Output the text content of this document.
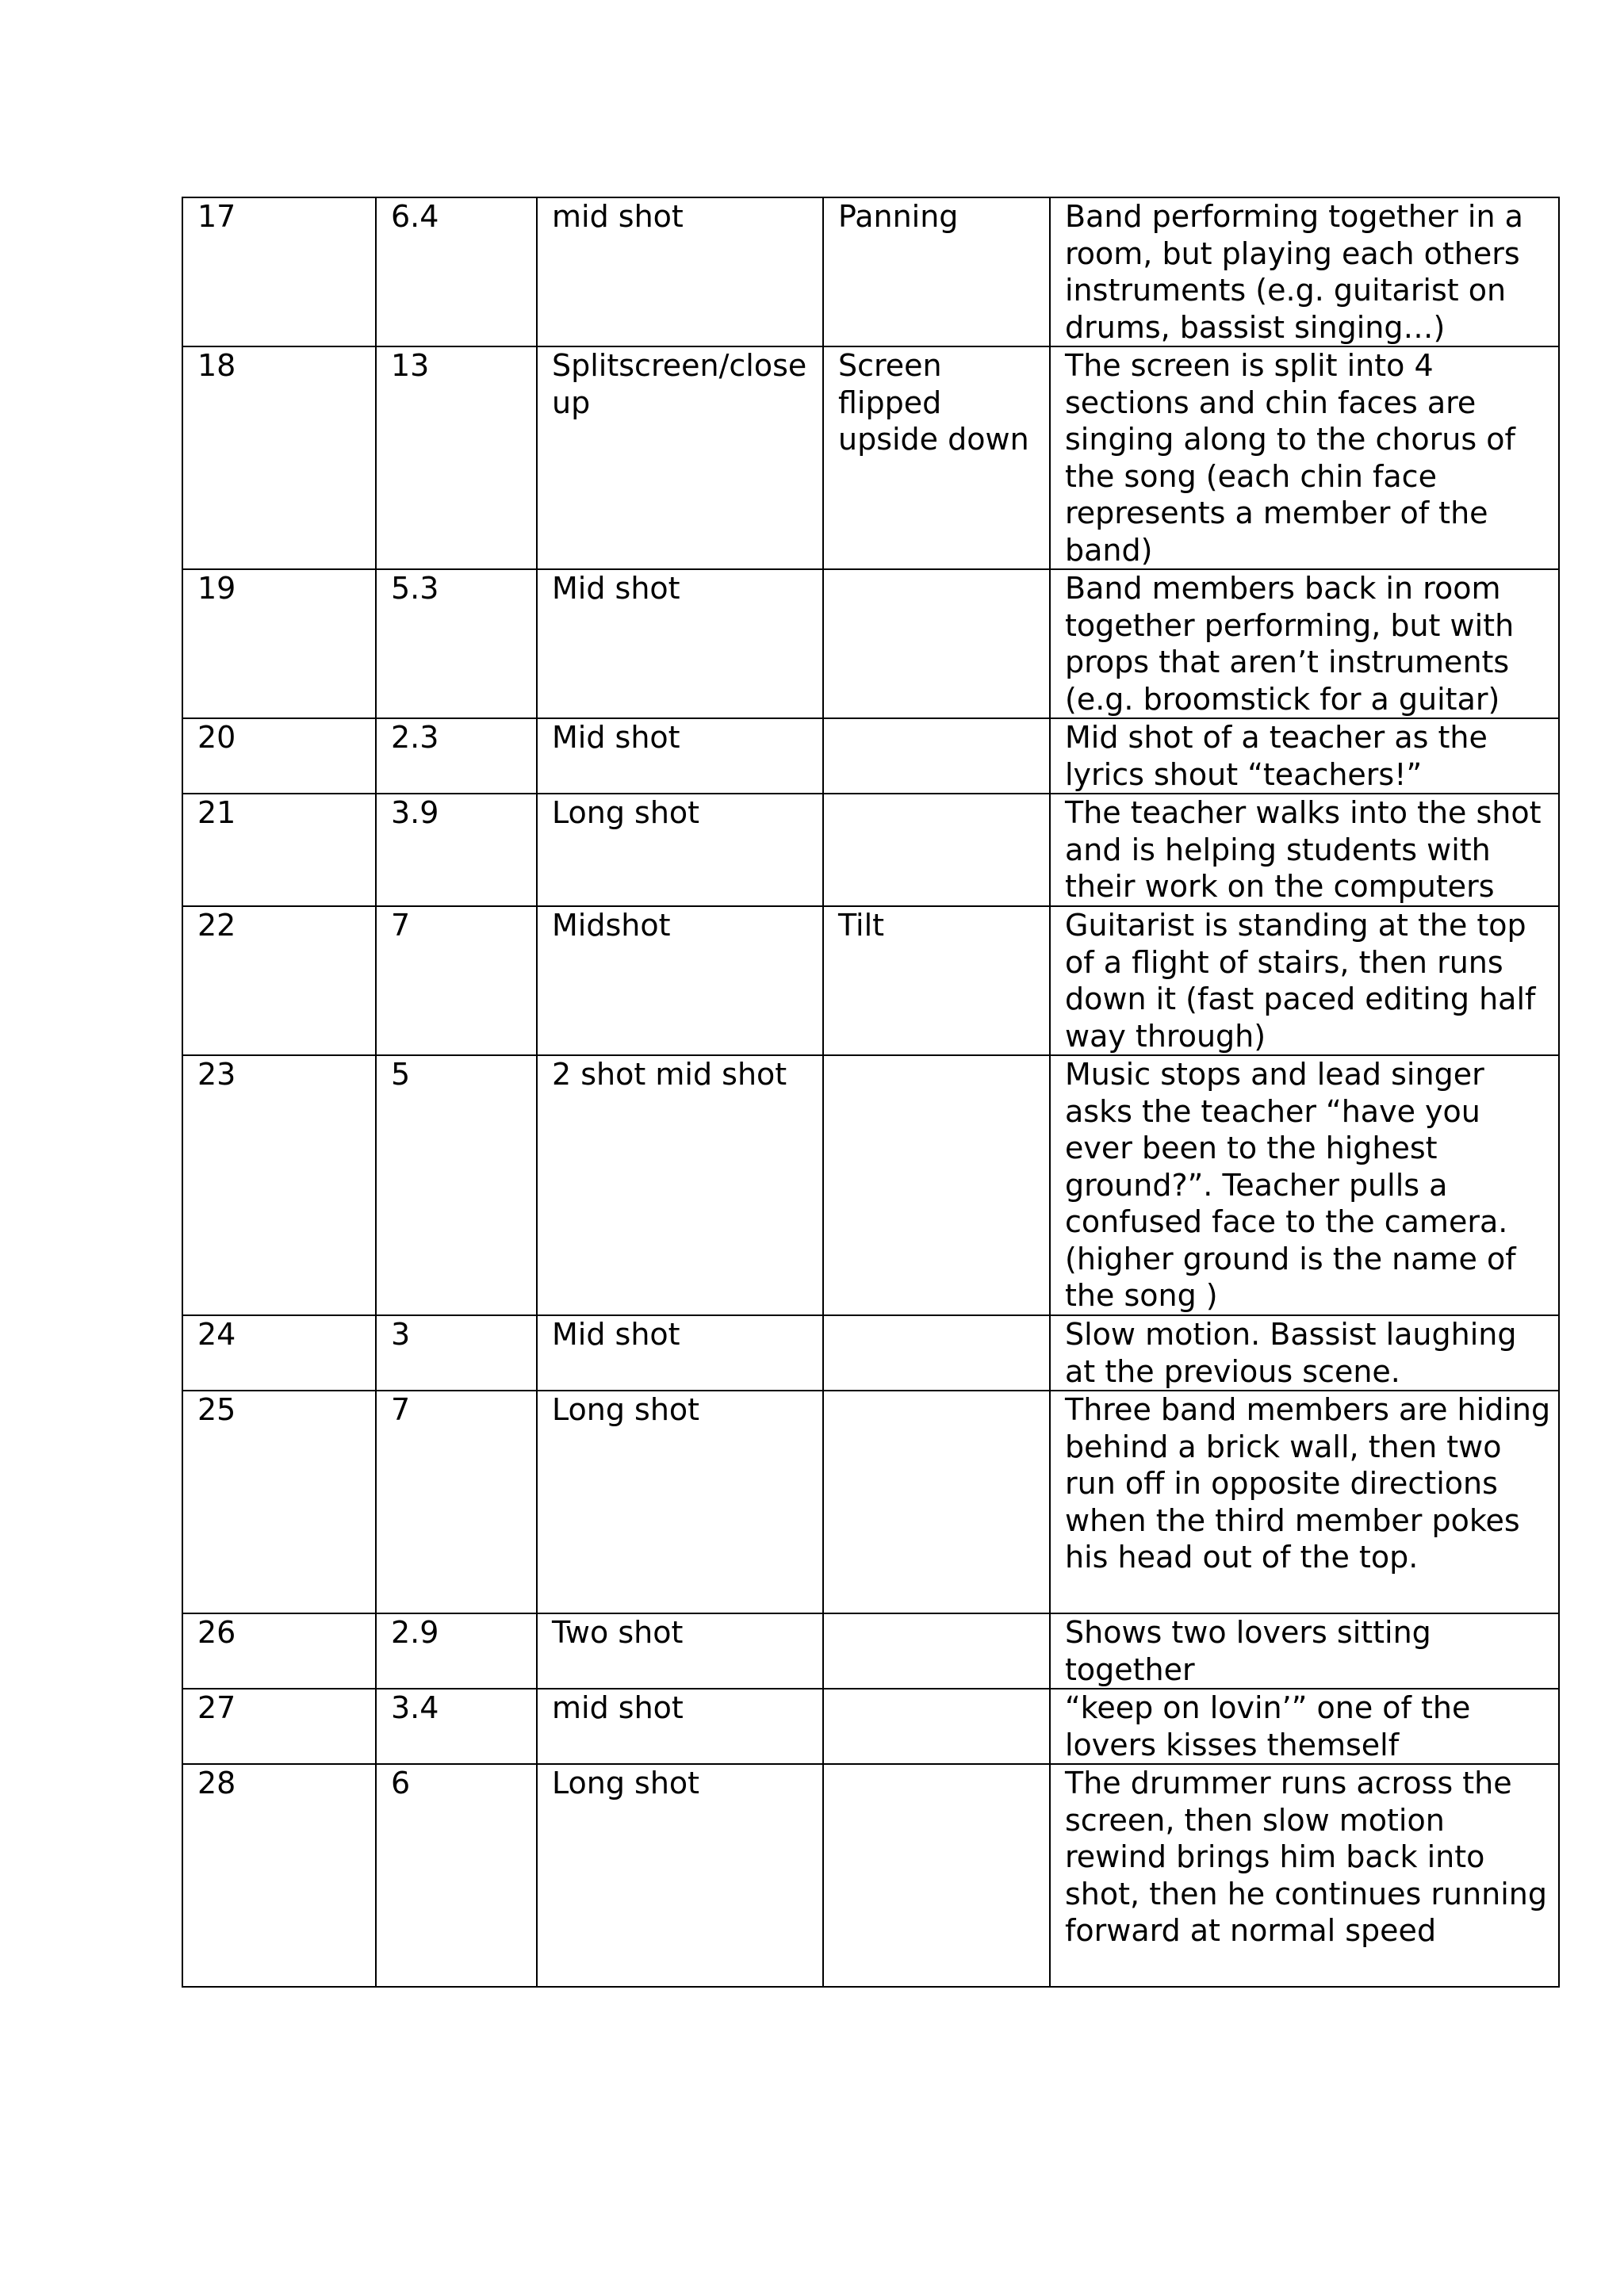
17	6.4	mid shot	Panning	Band performing together in a room, but playing each others instruments (e.g. guitarist on drums, bassist singing…)
18	13	Splitscreen/close up	Screen flipped upside down	The screen is split into 4 sections and chin faces are singing along to the chorus of the song (each chin face represents a member of the band)
19	5.3	Mid shot		Band members back in room together performing, but with props that aren’t instruments (e.g. broomstick for a guitar)
20	2.3	Mid shot		Mid shot of a teacher as the lyrics shout “teachers!”
21	3.9	Long shot		The teacher walks into the shot and is helping students with their work on the computers
22	7	Midshot	Tilt	Guitarist is standing at the top of a flight of stairs, then runs down it (fast paced editing half way through)
23	5	2 shot mid shot		Music stops and lead singer asks the teacher “have you ever been to the highest ground?”. Teacher pulls a confused face to the camera. (higher ground is the name of the song )
24	3	Mid shot		Slow motion. Bassist laughing at the previous scene.
25	7	Long shot		Three band members are hiding behind a brick wall, then two run off in opposite directions when the third member pokes his head out of the top.
26	2.9	Two shot		Shows two lovers sitting together
27	3.4	mid shot		“keep on lovin’” one of the lovers kisses themself
28	6	Long shot		The drummer runs across the screen, then slow motion rewind brings him back into shot, then he continues running forward at normal speed
